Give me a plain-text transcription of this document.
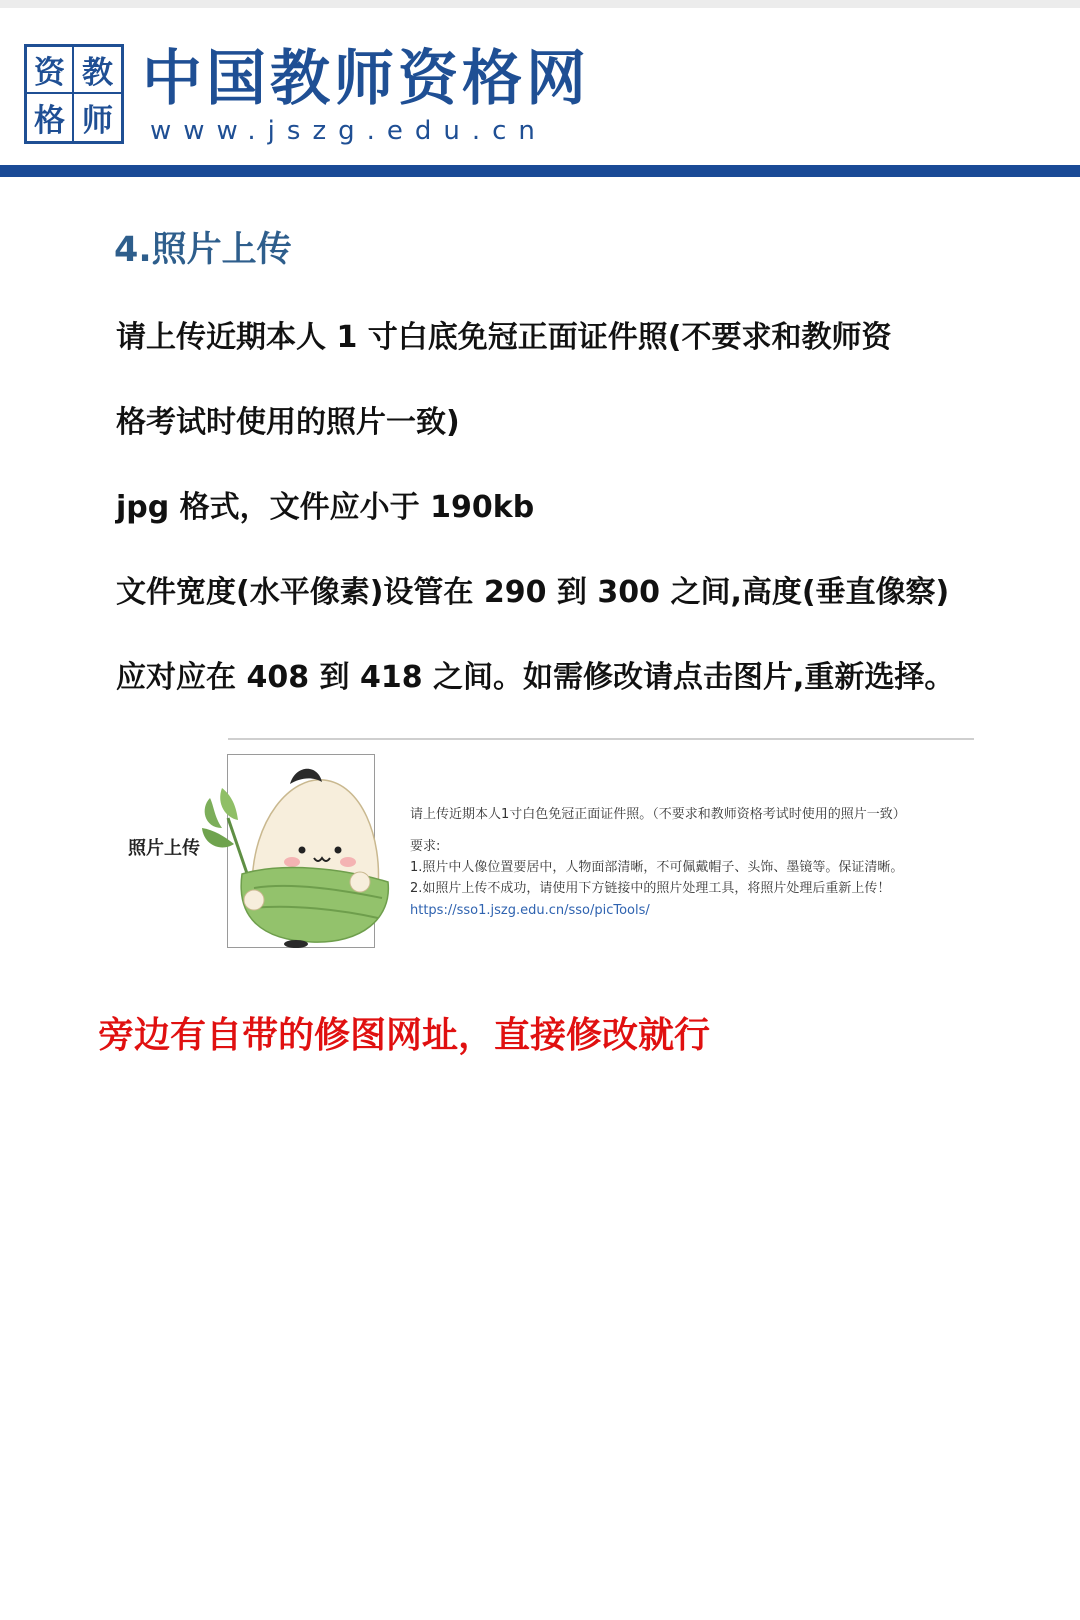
资 教
格 师
中国教师资格网
www.jszg.edu.cn
4.照片上传
请上传近期本人 1 寸白底免冠正面证件照(不要求和教师资
格考试时使用的照片一致)
jpg 格式，文件应小于 190kb
文件宽度(水平像素)设管在 290 到 300 之间,高度(垂直像察)
应对应在 408 到 418 之间。如需修改请点击图片,重新选择。
照片上传
请上传近期本人1寸白色免冠正面证件照。（不要求和教师资格考试时使用的照片一致）
要求:
1.照片中人像位置要居中，人物面部清晰，不可佩戴帽子、头饰、墨镜等。保证清晰。
2.如照片上传不成功，请使用下方链接中的照片处理工具，将照片处理后重新上传！
https://sso1.jszg.edu.cn/sso/picTools/
旁边有自带的修图网址，直接修改就行
